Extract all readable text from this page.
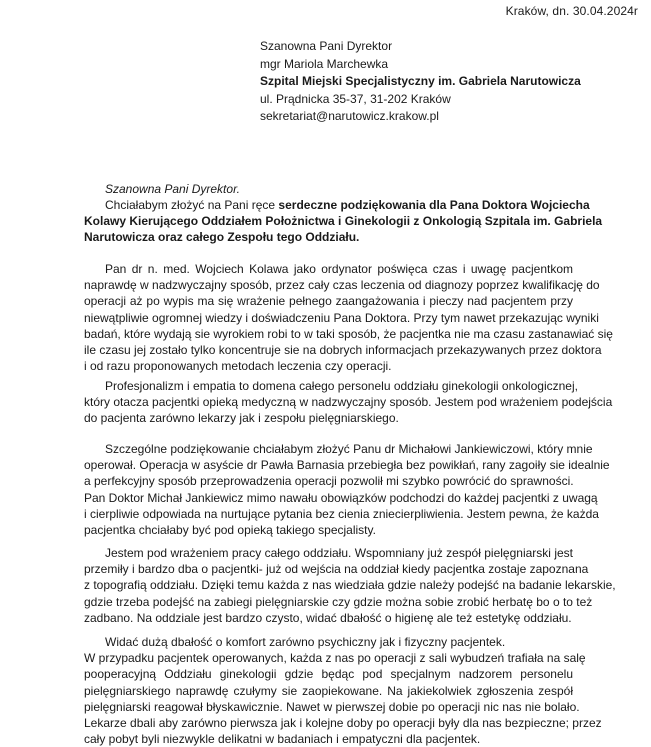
Kraków, dn. 30.04.2024r
Szanowna Pani Dyrektor
mgr Mariola Marchewka
Szpital Miejski Specjalistyczny im. Gabriela Narutowicza
ul. Prądnicka 35-37, 31-202 Kraków
sekretariat@narutowicz.krakow.pl
Szanowna Pani Dyrektor.
Chciałabym złożyć na Pani ręce serdeczne podziękowania dla Pana Doktora Wojciecha
Kolawy Kierującego Oddziałem Położnictwa i Ginekologii z Onkologią Szpitala im. Gabriela
Narutowicza oraz całego Zespołu tego Oddziału.
Pan dr n. med. Wojciech Kolawa jako ordynator poświęca czas i uwagę pacjentkom
naprawdę w nadzwyczajny sposób, przez cały czas leczenia od diagnozy poprzez kwalifikację do
operacji aż po wypis ma się wrażenie pełnego zaangażowania i pieczy nad pacjentem przy
niewątpliwie ogromnej wiedzy i doświadczeniu Pana Doktora. Przy tym nawet przekazując wyniki
badań, które wydają sie wyrokiem robi to w taki sposób, że pacjentka nie ma czasu zastanawiać się
ile czasu jej zostało tylko koncentruje sie na dobrych informacjach przekazywanych przez doktora
i od razu proponowanych metodach leczenia czy operacji.
Profesjonalizm i empatia to domena całego personelu oddziału ginekologii onkologicznej,
który otacza pacjentki opieką medyczną w nadzwyczajny sposób. Jestem pod wrażeniem podejścia
do pacjenta zarówno lekarzy jak i zespołu pielęgniarskiego.
Szczególne podziękowanie chciałabym złożyć Panu dr Michałowi Jankiewiczowi, który mnie
operował. Operacja w asyście dr Pawła Barnasia przebiegła bez powikłań, rany zagoiły sie idealnie
a perfekcyjny sposób przeprowadzenia operacji pozwolił mi szybko powrócić do sprawności.
Pan Doktor Michał Jankiewicz mimo nawału obowiązków podchodzi do każdej pacjentki z uwagą
i cierpliwie odpowiada na nurtujące pytania bez cienia zniecierpliwienia. Jestem pewna, że każda
pacjentka chciałaby być pod opieką takiego specjalisty.
Jestem pod wrażeniem pracy całego oddziału. Wspomniany już zespół pielęgniarski jest
przemiły i bardzo dba o pacjentki- już od wejścia na oddział kiedy pacjentka zostaje zapoznana
z topografią oddziału. Dzięki temu każda z nas wiedziała gdzie należy podejść na badanie lekarskie,
gdzie trzeba podejść na zabiegi pielęgniarskie czy gdzie można sobie zrobić herbatę bo o to też
zadbano. Na oddziale jest bardzo czysto, widać dbałość o higienę ale też estetykę oddziału.
Widać dużą dbałość o komfort zarówno psychiczny jak i fizyczny pacjentek.
W przypadku pacjentek operowanych, każda z nas po operacji z sali wybudzeń trafiała na salę
pooperacyjną Oddziału ginekologii gdzie będąc pod specjalnym nadzorem personelu
pielęgniarskiego naprawdę czułymy sie zaopiekowane. Na jakiekolwiek zgłoszenia zespół
pielęgniarski reagował błyskawicznie. Nawet w pierwszej dobie po operacji nic nas nie bolało.
Lekarze dbali aby zarówno pierwsza jak i kolejne doby po operacji były dla nas bezpieczne; przez
cały pobyt byli niezwykle delikatni w badaniach i empatyczni dla pacjentek.
